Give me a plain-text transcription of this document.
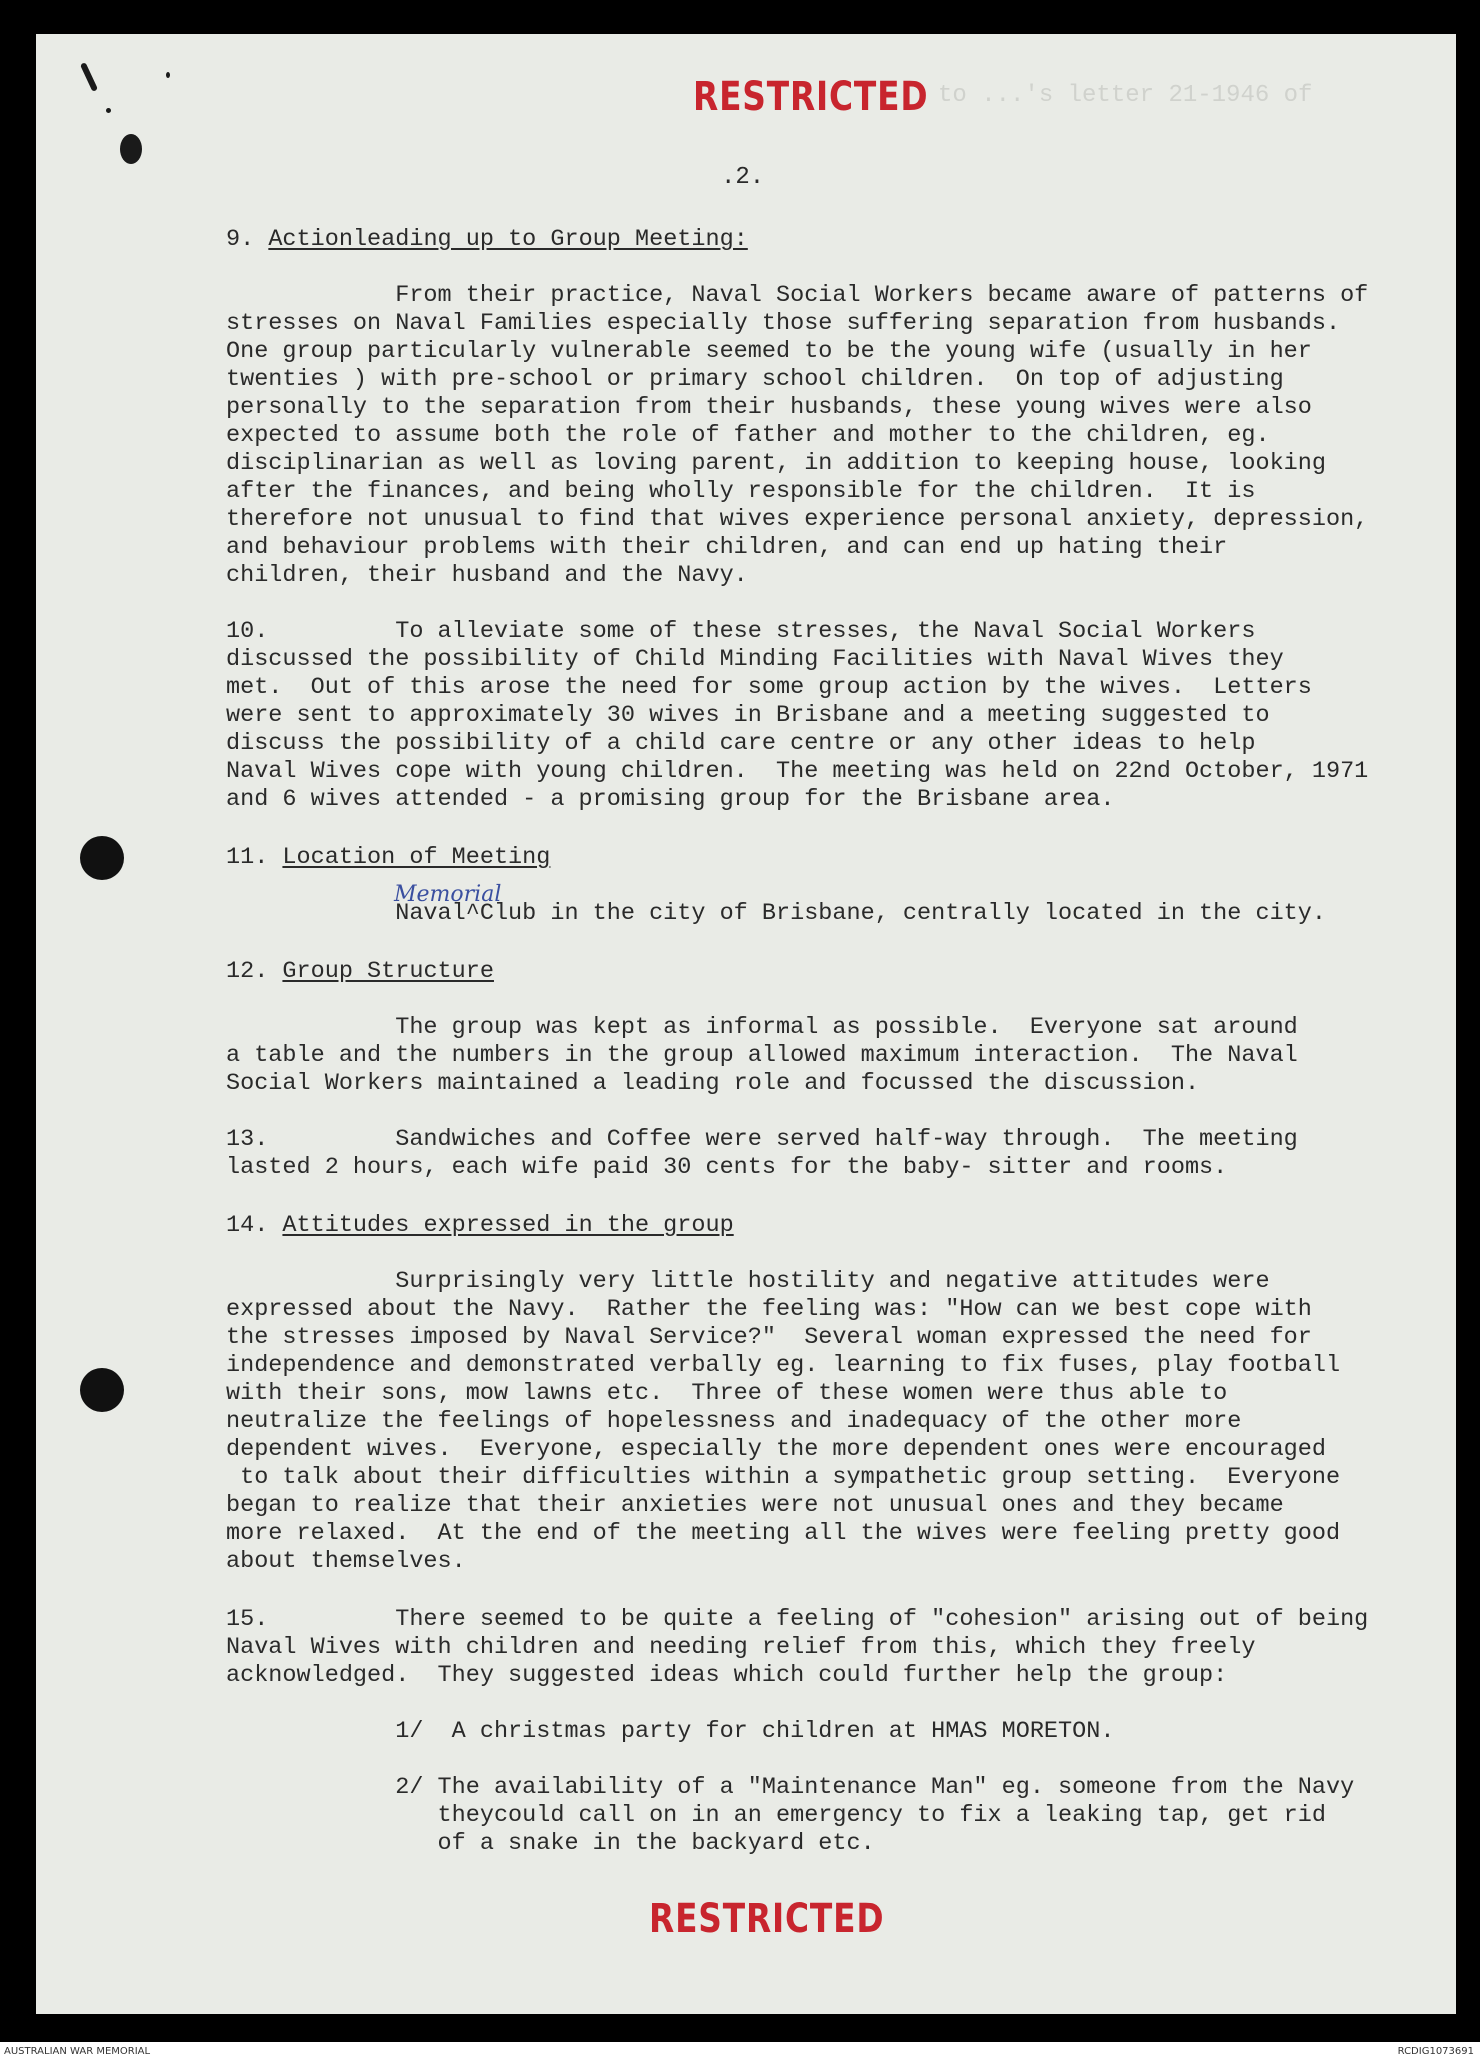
RESTRICTED to ...'s letter 21-1946 of
.2.
9. Actionleading up to Group Meeting:
From their practice, Naval Social Workers became aware of patterns of
stresses on Naval Families especially those suffering separation from husbands.
One group particularly vulnerable seemed to be the young wife (usually in her
twenties ) with pre-school or primary school children.  On top of adjusting
personally to the separation from their husbands, these young wives were also
expected to assume both the role of father and mother to the children, eg.
disciplinarian as well as loving parent, in addition to keeping house, looking
after the finances, and being wholly responsible for the children.  It is
therefore not unusual to find that wives experience personal anxiety, depression,
and behaviour problems with their children, and can end up hating their
children, their husband and the Navy.
10.         To alleviate some of these stresses, the Naval Social Workers
discussed the possibility of Child Minding Facilities with Naval Wives they
met.  Out of this arose the need for some group action by the wives.  Letters
were sent to approximately 30 wives in Brisbane and a meeting suggested to
discuss the possibility of a child care centre or any other ideas to help
Naval Wives cope with young children.  The meeting was held on 22nd October, 1971
and 6 wives attended - a promising group for the Brisbane area.
11. Location of Meeting
Memorial
Naval^Club in the city of Brisbane, centrally located in the city.
12. Group Structure
The group was kept as informal as possible.  Everyone sat around
a table and the numbers in the group allowed maximum interaction.  The Naval
Social Workers maintained a leading role and focussed the discussion.
13.         Sandwiches and Coffee were served half-way through.  The meeting
lasted 2 hours, each wife paid 30 cents for the baby- sitter and rooms.
14. Attitudes expressed in the group
Surprisingly very little hostility and negative attitudes were
expressed about the Navy.  Rather the feeling was: "How can we best cope with
the stresses imposed by Naval Service?"  Several woman expressed the need for
independence and demonstrated verbally eg. learning to fix fuses, play football
with their sons, mow lawns etc.  Three of these women were thus able to
neutralize the feelings of hopelessness and inadequacy of the other more
dependent wives.  Everyone, especially the more dependent ones were encouraged
to talk about their difficulties within a sympathetic group setting.  Everyone
began to realize that their anxieties were not unusual ones and they became
more relaxed.  At the end of the meeting all the wives were feeling pretty good
about themselves.
15.         There seemed to be quite a feeling of "cohesion" arising out of being
Naval Wives with children and needing relief from this, which they freely
acknowledged.  They suggested ideas which could further help the group:
1/  A christmas party for children at HMAS MORETON.
2/ The availability of a "Maintenance Man" eg. someone from the Navy
theycould call on in an emergency to fix a leaking tap, get rid
of a snake in the backyard etc.
RESTRICTED
AUSTRALIAN WAR MEMORIAL	RCDIG1073691
